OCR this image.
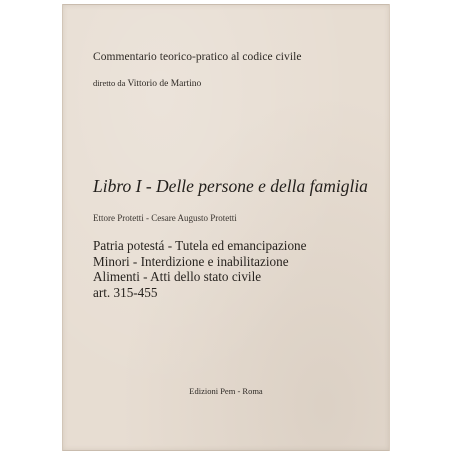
Commentario teorico-pratico al codice civile
diretto da Vittorio de Martino
Libro I - Delle persone e della famiglia
Ettore Protetti - Cesare Augusto Protetti
Patria potestá - Tutela ed emancipazione
Minori - Interdizione e inabilitazione
Alimenti - Atti dello stato civile
art. 315-455
Edizioni Pem - Roma
